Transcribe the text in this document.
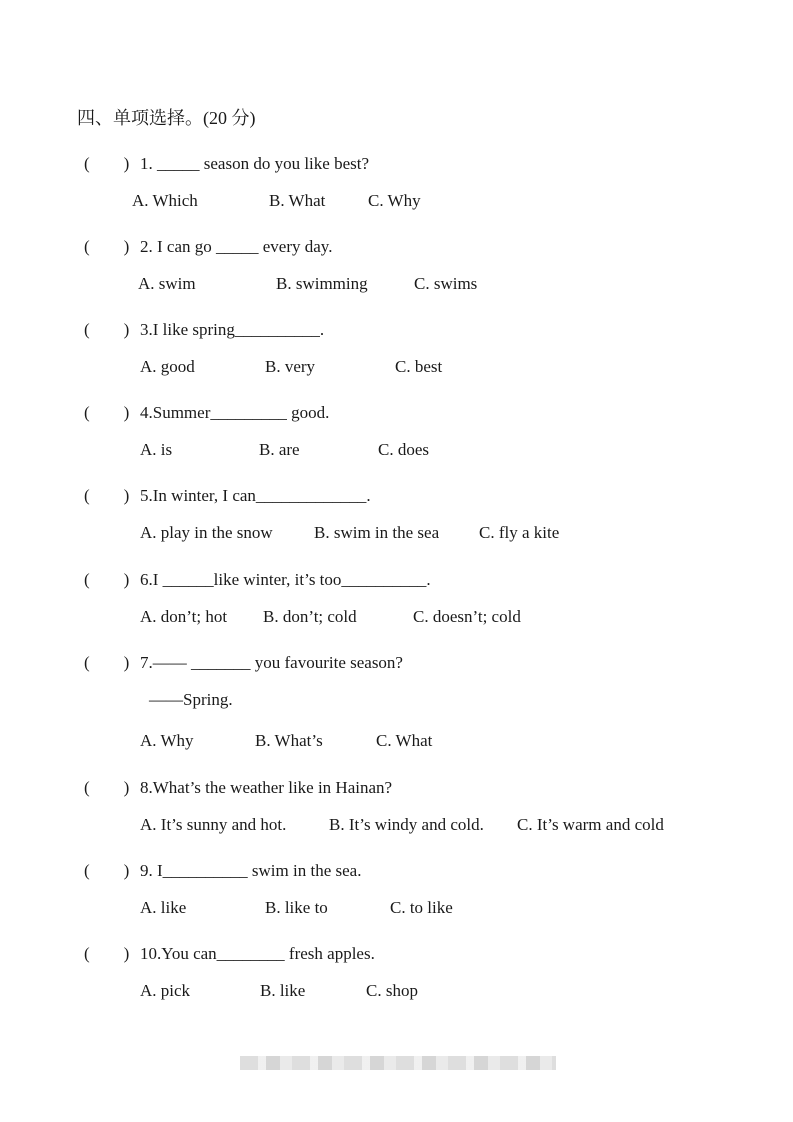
四、单项选择。(20 分)
(　　) 1. _____ season do you like best?

A. Which

	B. What

	C. Why

(　　) 2. I can go _____ every day.

A. swim

	B. swimming

	C. swims

(　　) 3.I like spring__________.

A. good

	B. very

	C. best

(　　) 4.Summer_________ good.

A. is

	B. are

	C. does

(　　) 5.In winter, I can_____________.

A. play in the snow

B. swim in the sea

C. fly a kite

(　　) 6.I ______like winter, it’s too__________.

A. don’t; hot

B. don’t; cold

	C. doesn’t; cold

(　　) 7.—— _______ you favourite season?
——Spring.

A. Why

	B. What’s

	C. What

(　　) 8.What’s the weather like in Hainan?

A. It’s sunny and hot.

	B. It’s windy and cold.

C. It’s warm and cold

(　　) 9. I__________ swim in the sea.

A. like

	B. like to

	C. to like

(　　) 10.You can________ fresh apples.

A. pick

	B. like

	C. shop
